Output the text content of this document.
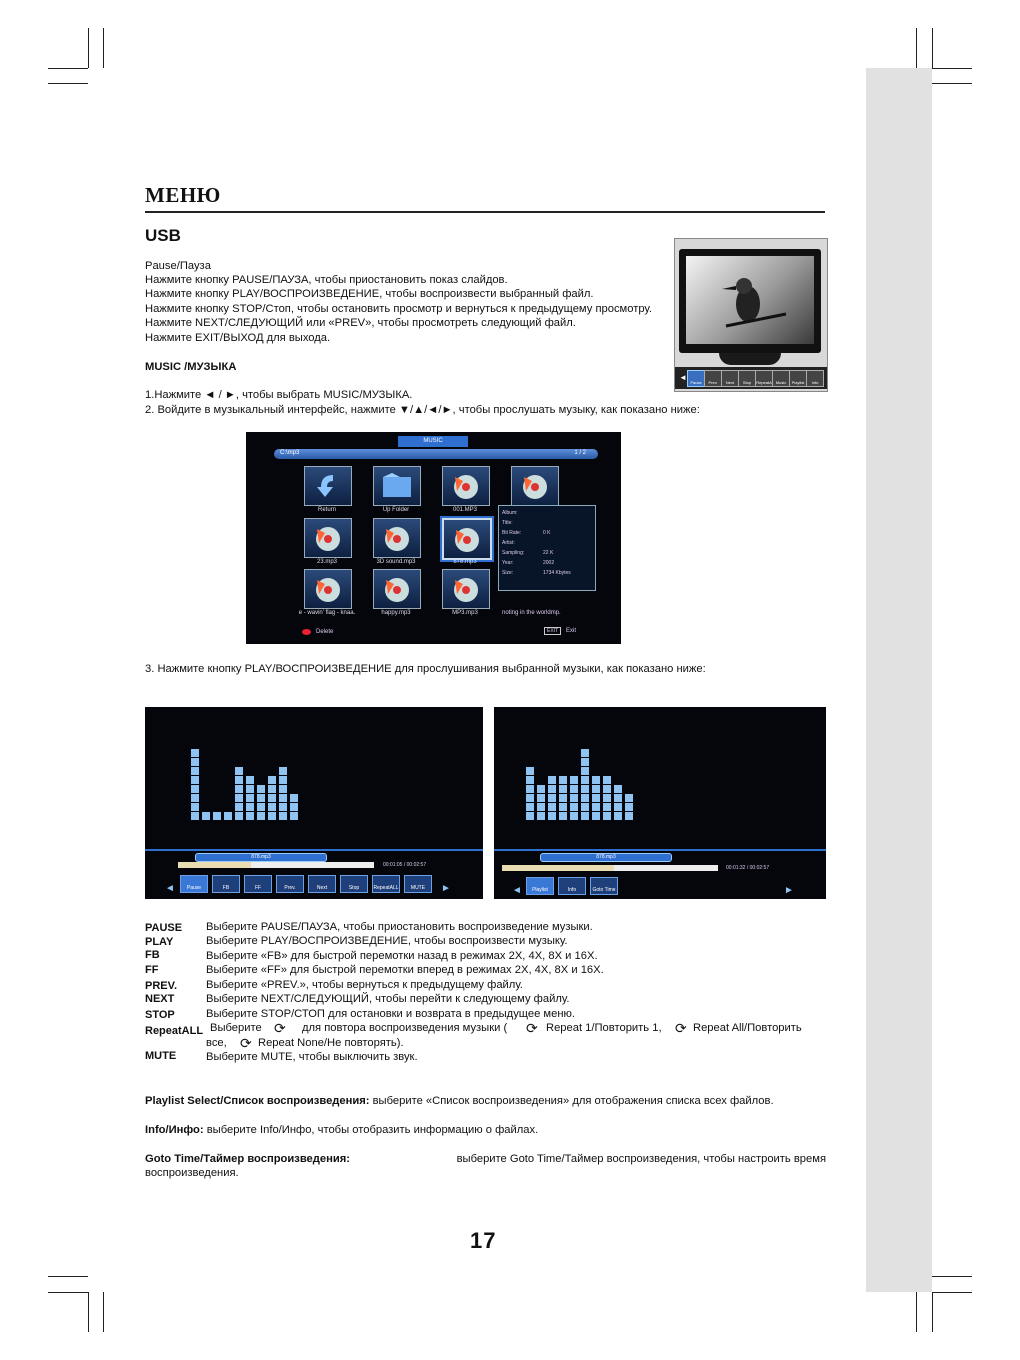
МЕНЮ
USB
Pause/Пауза
Нажмите кнопку PAUSE/ПАУЗА, чтобы приостановить показ слайдов.
Нажмите кнопку PLAY/ВОСПРОИЗВЕДЕНИЕ, чтобы воспроизвести выбранный файл.
Нажмите кнопку STOP/Стоп, чтобы остановить просмотр и вернуться к предыдущему просмотру.
Нажмите NEXT/СЛЕДУЮЩИЙ или «PREV», чтобы просмотреть следующий файл.
Нажмите EXIT/ВЫХОД для выхода.
◄
Pause	Prev.	Next	Stop	RepeatA Music	Playlist	Info
MUSIC /МУЗЫКА
1.Нажмите ◄ / ►, чтобы выбрать MUSIC/МУЗЫКА.
2. Войдите в музыкальный интерфейс, нажмите ▼/▲/◄/►, чтобы прослушать музыку, как показано ниже:
MUSIC
C:\mp3	1 / 2
Return	Up Folder	001.MP3
23.mp3	3D sound.mp3	878.mp3
e - wavin' flag - knaa.	happy.mp3	MP3.mp3
Album:
Title:
Bit Rate:	0 K
Artist:
Sampling:	22 K
Year:	2002
Size:	1734 Kbytes
noting in the worldmp.
Delete	EXIT	Exit
3. Нажмите кнопку PLAY/ВОСПРОИЗВЕДЕНИЕ для прослушивания выбранной музыки, как показано ниже:
878.mp3
00:01:05 / 00:02:57
◄	Pause	FB	FF	Prev.	Next	Stop	RepeatALL	MUTE	►
878.mp3
00:01:32 / 00:02:57
◄	Playlist	Info	Goto Time	►
PAUSE Выберите PAUSE/ПАУЗА, чтобы приостановить воспроизведение музыки.
PLAY	Выберите PLAY/ВОСПРОИЗВЕДЕНИЕ, чтобы воспроизвести музыку.
FB	Выберите «FB» для быстрой перемотки назад в режимах 2X, 4X, 8X и 16X.
FF	Выберите «FF» для быстрой перемотки вперед в режимах 2X, 4X, 8X и 16X.
PREV.	Выберите «PREV.», чтобы вернуться к предыдущему файлу.
NEXT	Выберите NEXT/СЛЕДУЮЩИЙ, чтобы перейти к следующему файлу.
STOP	Выберите STOP/СТОП для остановки и возврата в предыдущее меню.
RepeatALL Выберите ⟳ для повтора воспроизведения музыки ( ⟳ Repeat 1/Повторить 1, ⟳ Repeat All/Повторить
все, ⟳ Repeat None/Не повторять).
MUTE	Выберите MUTE, чтобы выключить звук.
Playlist Select/Список воспроизведения: выберите «Список воспроизведения» для отображения списка всех файлов.
Info/Инфо: выберите Info/Инфо, чтобы отобразить информацию о файлах.
Goto Time/Таймер воспроизведения:	выберите Goto Time/Таймер воспроизведения, чтобы настроить время
воспроизведения.
17
